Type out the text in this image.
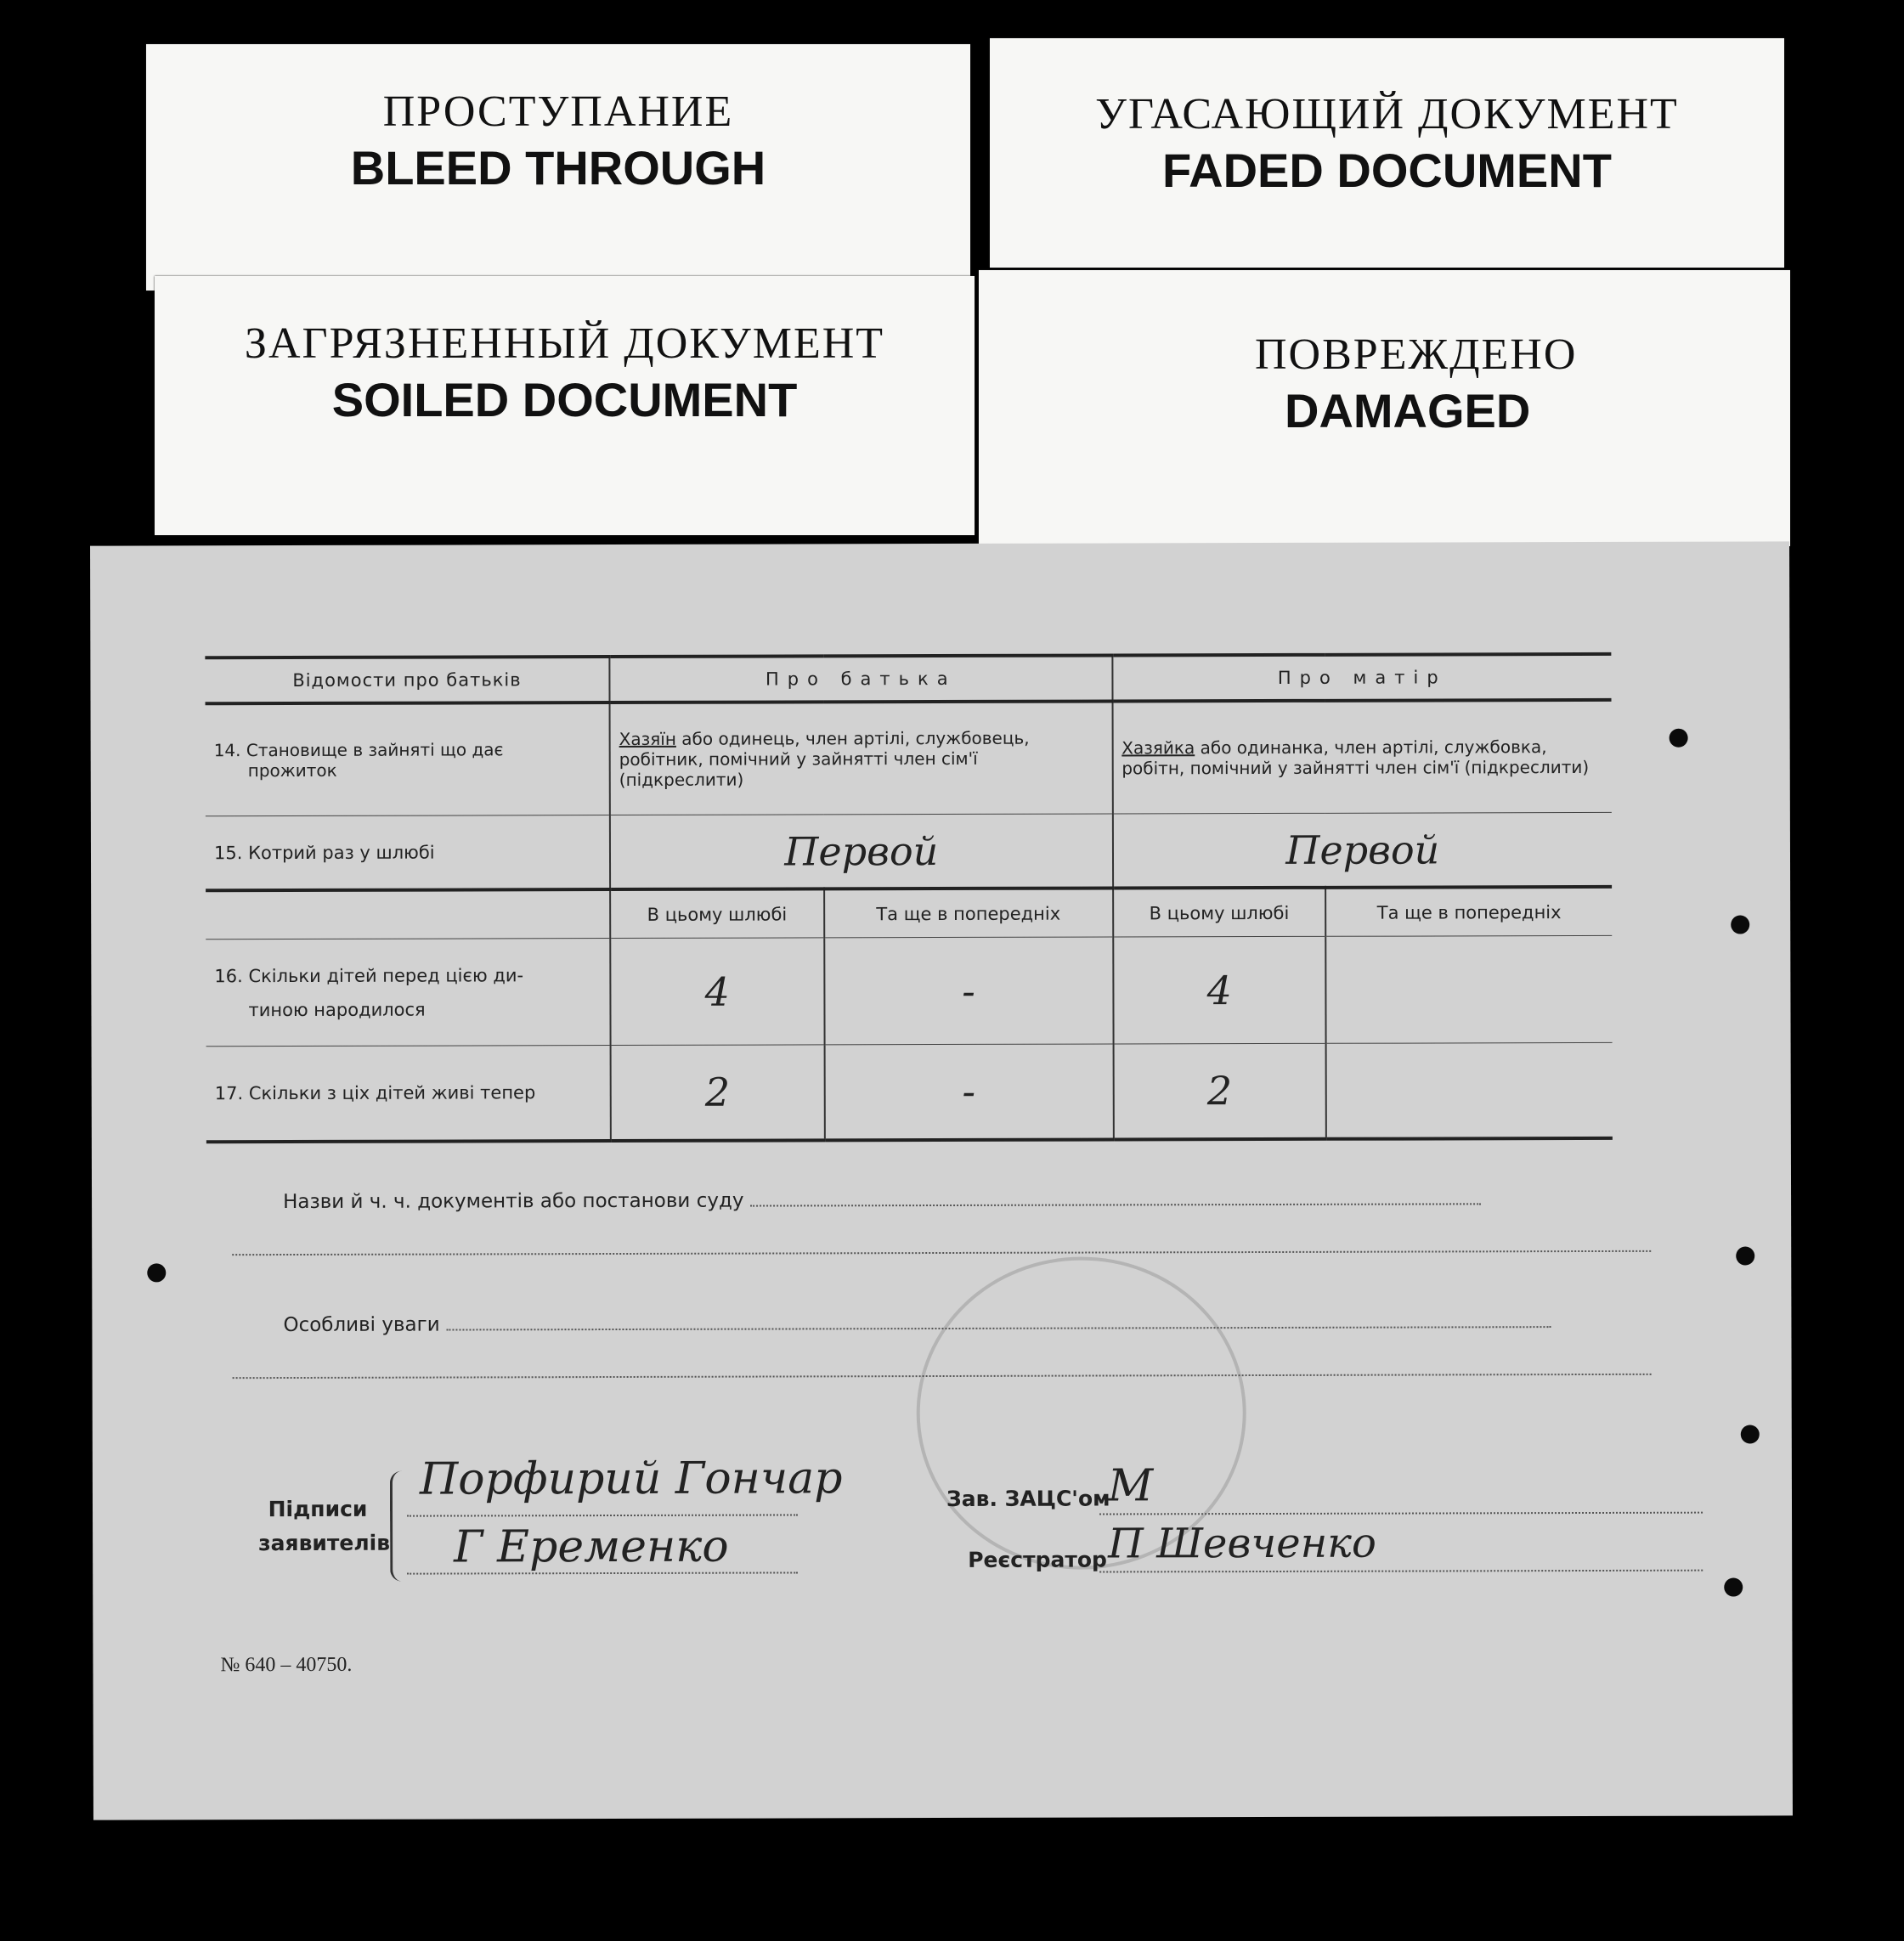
ПРОСТУПАНИЕ
BLEED THROUGH
УГАСАЮЩИЙ ДОКУМЕНТ
FADED DOCUMENT
ЗАГРЯЗНЕННЫЙ ДОКУМЕНТ
SOILED DOCUMENT
ПОВРЕЖДЕНО
DAMAGED
Відомости про батьків	Про батька		Про матір	

14. Становище в зайняті що дає
прожиток	Хазяїн або одинець, член артілі, службовець, робітник, помічний у зайнятті член сім'ї (підкреслити)		Хазяйка або одинанка, член артілі, службовка, робітн, помічний у зайнятті член сім'ї (підкреслити)	
15. Котрий раз у шлюбі	Первой		Первой	
	В цьому шлюбі	Та ще в попередніх	В цьому шлюбі	Та ще в попередніх

16. Скільки дітей перед цією ди-
тиною народилося	4	-	4	
17. Скільки з ціх дітей живі тепер	2	-	2	
Назви й ч. ч. документів або постанови суду
Особливі уваги
Підписи
заявителів
Порфирий Гончар
Г Еременко
Зав. ЗАЦС'ом
М
Реєстратор П Шевченко
№ 640 – 40750.
